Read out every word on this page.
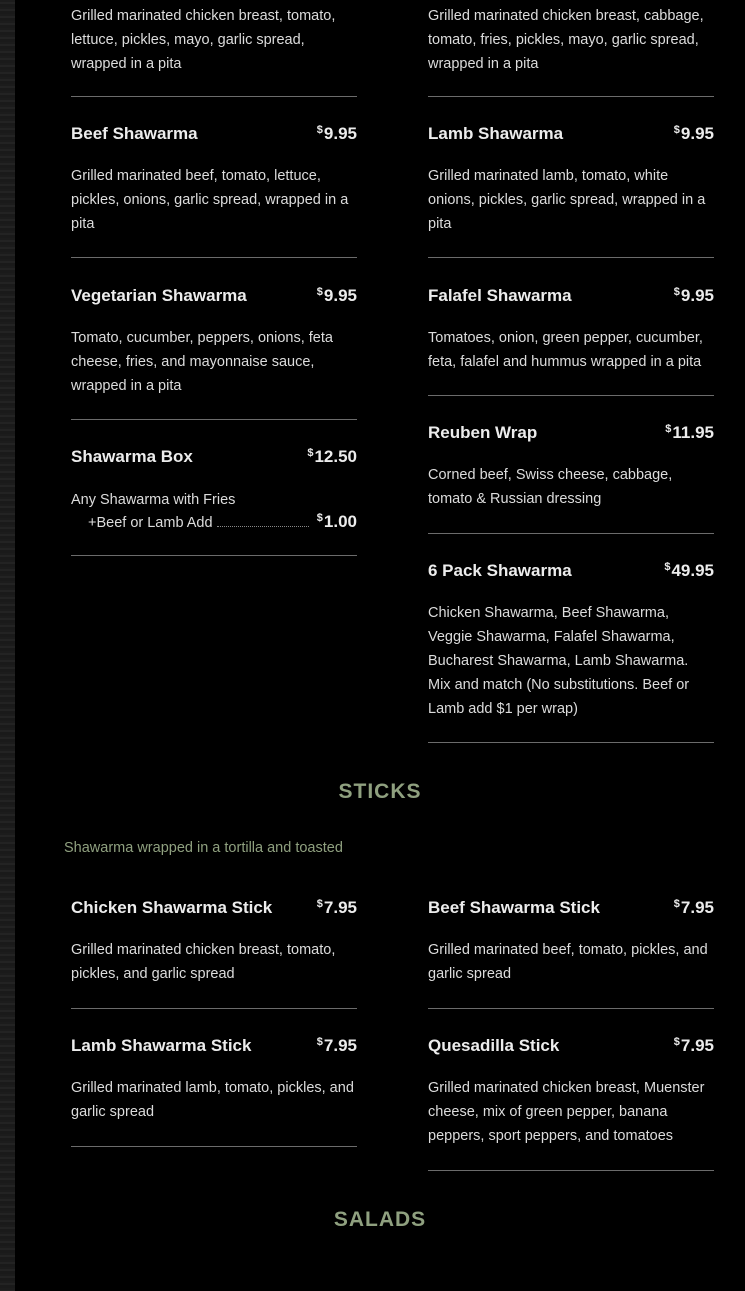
Grilled marinated chicken breast, tomato, lettuce, pickles, mayo, garlic spread, wrapped in a pita
Beef Shawarma	$9.95
Grilled marinated beef, tomato, lettuce, pickles, onions, garlic spread, wrapped in a pita
Vegetarian Shawarma	$9.95
Tomato, cucumber, peppers, onions, feta cheese, fries, and mayonnaise sauce, wrapped in a pita
Shawarma Box	$12.50
Any Shawarma with Fries
+Beef or Lamb Add	$1.00
Chicken Shawarma Stick	$7.95
Grilled marinated chicken breast, tomato, pickles, and garlic spread
Lamb Shawarma Stick	$7.95
Grilled marinated lamb, tomato, pickles, and garlic spread
Grilled marinated chicken breast, cabbage, tomato, fries, pickles, mayo, garlic spread, wrapped in a pita
Lamb Shawarma	$9.95
Grilled marinated lamb, tomato, white onions, pickles, garlic spread, wrapped in a pita
Falafel Shawarma	$9.95
Tomatoes, onion, green pepper, cucumber, feta, falafel and hummus wrapped in a pita
Reuben Wrap	$11.95
Corned beef, Swiss cheese, cabbage, tomato & Russian dressing
6 Pack Shawarma	$49.95
Chicken Shawarma, Beef Shawarma, Veggie Shawarma, Falafel Shawarma, Bucharest Shawarma, Lamb Shawarma. Mix and match (No substitutions. Beef or Lamb add $1 per wrap)
Beef Shawarma Stick	$7.95
Grilled marinated beef, tomato, pickles, and garlic spread
Quesadilla Stick	$7.95
Grilled marinated chicken breast, Muenster cheese, mix of green pepper, banana peppers, sport peppers, and tomatoes
STICKS
Shawarma wrapped in a tortilla and toasted
SALADS
